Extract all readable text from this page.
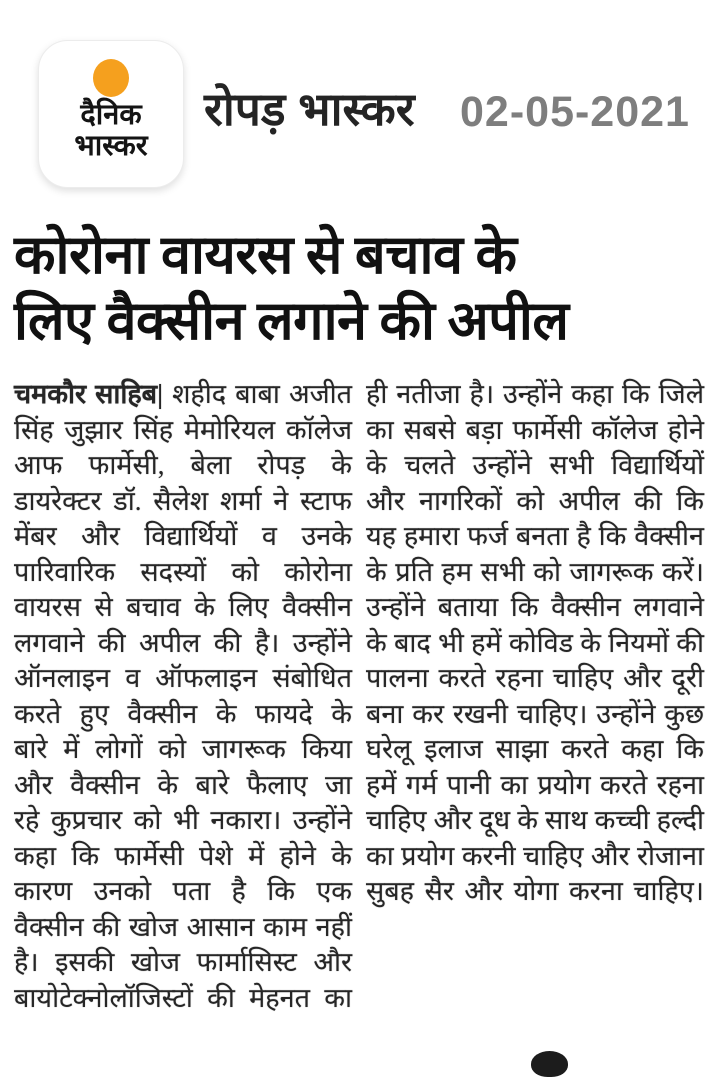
दैनिक
भास्कर
रोपड़ भास्कर 02-05-2021
कोरोना वायरस से बचाव के
लिए वैक्सीन लगाने की अपील
चमकौर साहिब| शहीद बाबा अजीत
सिंह जुझार सिंह मेमोरियल कॉलेज
आफ फार्मेसी, बेला रोपड़ के
डायरेक्टर डॉ. सैलेश शर्मा ने स्टाफ
मेंबर और विद्यार्थियों व उनके
पारिवारिक सदस्यों को कोरोना
वायरस से बचाव के लिए वैक्सीन
लगवाने की अपील की है। उन्होंने
ऑनलाइन व ऑफलाइन संबोधित
करते हुए वैक्सीन के फायदे के
बारे में लोगों को जागरूक किया
और वैक्सीन के बारे फैलाए जा
रहे कुप्रचार को भी नकारा। उन्होंने
कहा कि फार्मेसी पेशे में होने के
कारण उनको पता है कि एक
वैक्सीन की खोज आसान काम नहीं
है। इसकी खोज फार्मासिस्ट और
बायोटेक्नोलॉजिस्टों की मेहनत का
ही नतीजा है। उन्होंने कहा कि जिले
का सबसे बड़ा फार्मेसी कॉलेज होने
के चलते उन्होंने सभी विद्यार्थियों
और नागरिकों को अपील की कि
यह हमारा फर्ज बनता है कि वैक्सीन
के प्रति हम सभी को जागरूक करें।
उन्होंने बताया कि वैक्सीन लगवाने
के बाद भी हमें कोविड के नियमों की
पालना करते रहना चाहिए और दूरी
बना कर रखनी चाहिए। उन्होंने कुछ
घरेलू इलाज साझा करते कहा कि
हमें गर्म पानी का प्रयोग करते रहना
चाहिए और दूध के साथ कच्ची हल्दी
का प्रयोग करनी चाहिए और रोजाना
सुबह सैर और योगा करना चाहिए।
